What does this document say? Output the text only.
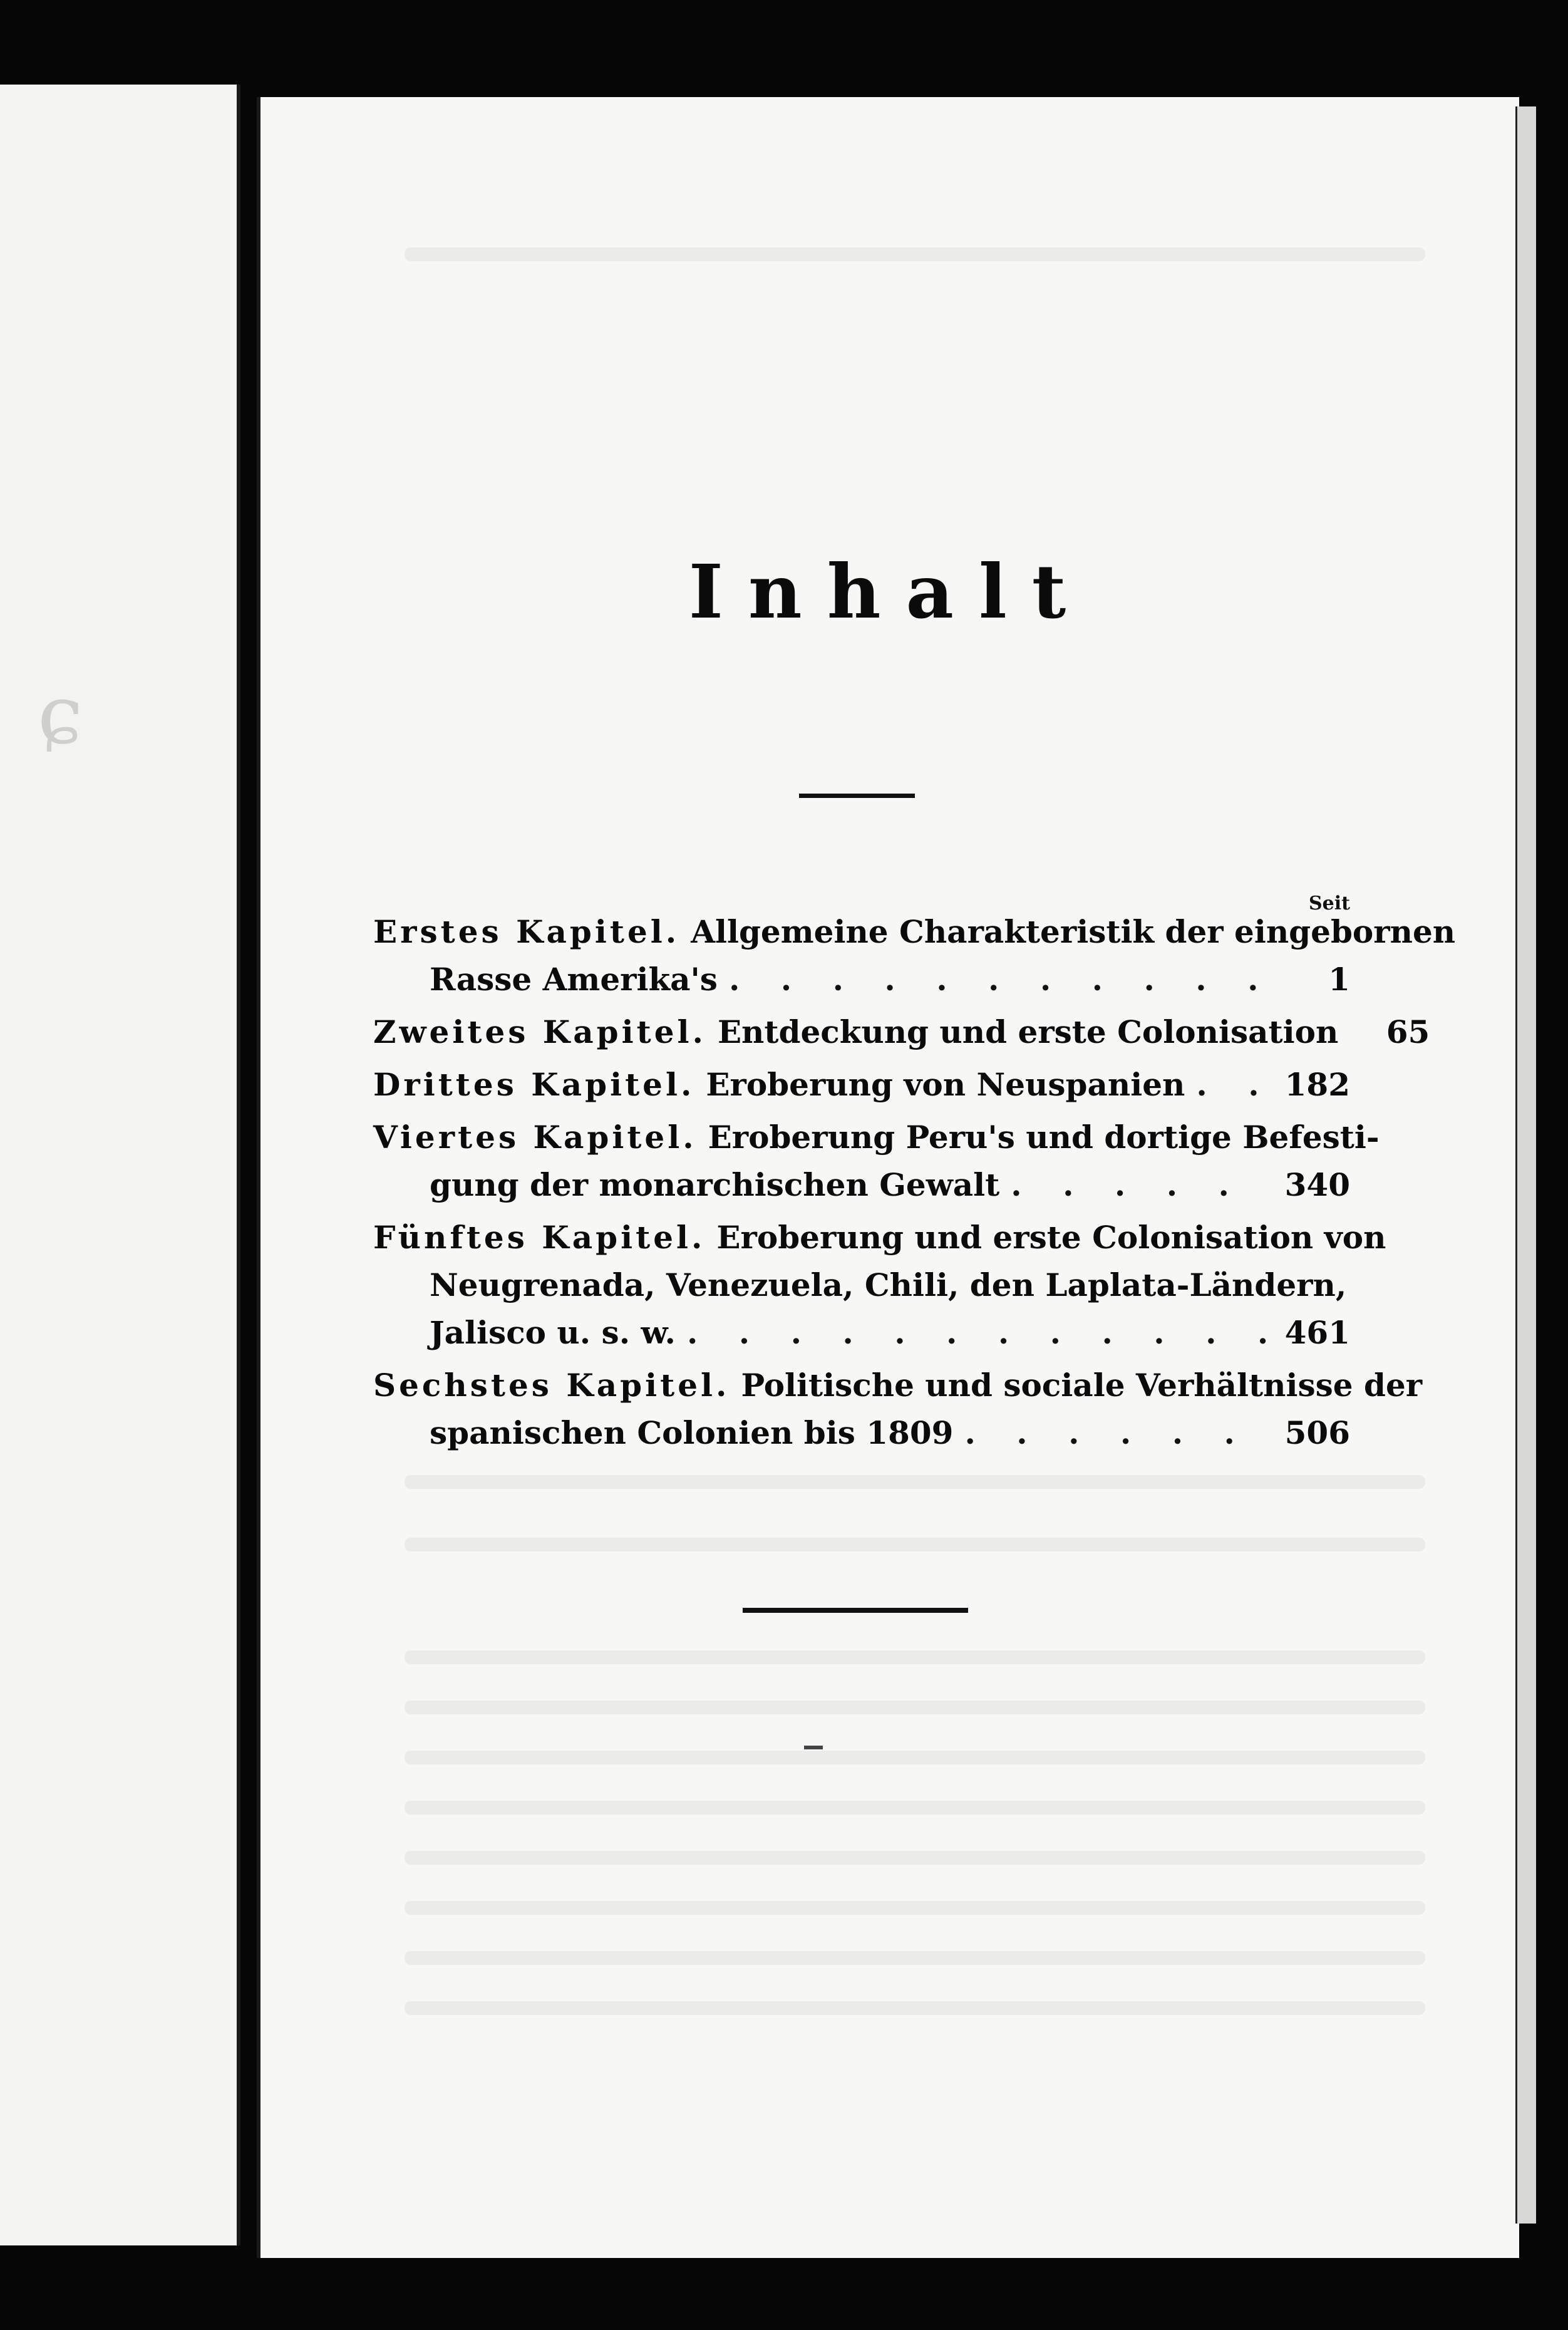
ɕ
Inhalt
Seit
Erstes Kapitel. Allgemeine Charakteristik der eingebornen
Rasse Amerika's . . .	1
Zweites Kapitel. Entdeckung und erste Colonisation	65
Drittes Kapitel. Eroberung von Neuspanien . . .	182
Viertes Kapitel. Eroberung Peru's und dortige Befesti-
gung der monarchischen Gewalt . . .	340
Fünftes Kapitel. Eroberung und erste Colonisation von
Neugrenada, Venezuela, Chili, den Laplata-Ländern,
Jalisco u. s. w. . . .	461
Sechstes Kapitel. Politische und sociale Verhältnisse der
spanischen Colonien bis 1809 . . .	506
